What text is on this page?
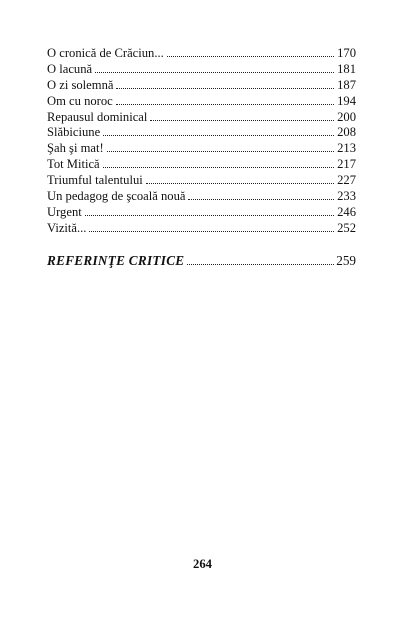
O cronică de Crăciun...	170
O lacună	181
O zi solemnă	187
Om cu noroc	194
Repausul dominical	200
Slăbiciune	208
Şah şi mat!	213
Tot Mitică	217
Triumful talentului	227
Un pedagog de şcoală nouă	233
Urgent	246
Vizită...	252
REFERINŢE CRITICE	259
264
